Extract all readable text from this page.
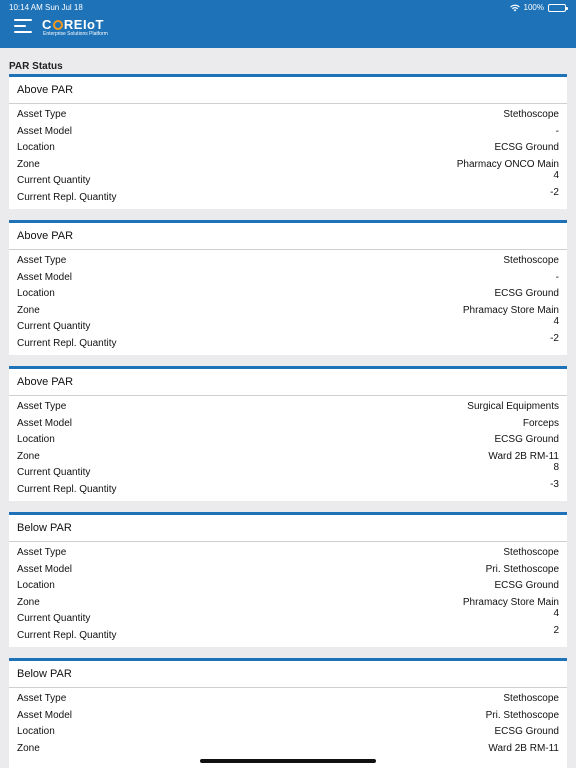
10:14 AM Sun Jul 18	100%
C REIoT
Enterprise Solutions Platform
PAR Status
Above PAR
Asset Type	Stethoscope
Asset Model	-
Location	ECSG Ground
Zone	Pharmacy ONCO Main
Current Quantity	4
Current Repl. Quantity	-2
Above PAR
Asset Type	Stethoscope
Asset Model	-
Location	ECSG Ground
Zone	Phramacy Store Main
Current Quantity	4
Current Repl. Quantity	-2
Above PAR
Asset Type	Surgical Equipments
Asset Model	Forceps
Location	ECSG Ground
Zone	Ward 2B RM-11
Current Quantity	8
Current Repl. Quantity	-3
Below PAR
Asset Type	Stethoscope
Asset Model	Pri. Stethoscope
Location	ECSG Ground
Zone	Phramacy Store Main
Current Quantity	4
Current Repl. Quantity	2
Below PAR
Asset Type	Stethoscope
Asset Model	Pri. Stethoscope
Location	ECSG Ground
Zone	Ward 2B RM-11
